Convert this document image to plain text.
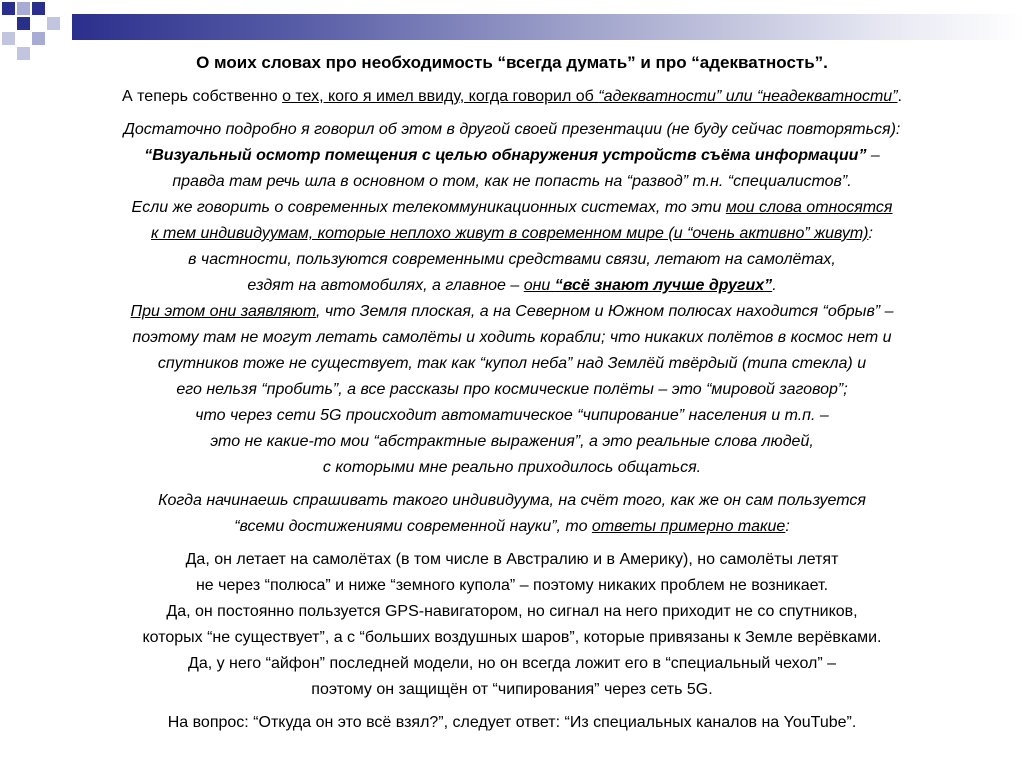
О моих словах про необходимость “всегда думать” и про “адекватность”.

А теперь собственно о тех, кого я имел ввиду, когда говорил об “адекватности” или “неадекватности”.

Достаточно подробно я говорил об этом в другой своей презентации (не буду сейчас повторяться):

“Визуальный осмотр помещения с целью обнаружения устройств съёма информации” –

правда там речь шла в основном о том, как не попасть на “развод” т.н. “специалистов”.

Если же говорить о современных телекоммуникационных системах, то эти мои слова относятся

к тем индивидуумам, которые неплохо живут в современном мире (и “очень активно” живут):

в частности, пользуются современными средствами связи, летают на самолётах,

ездят на автомобилях, а главное – они “всё знают лучше других”.

При этом они заявляют, что Земля плоская, а на Северном и Южном полюсах находится “обрыв” –

поэтому там не могут летать самолёты и ходить корабли; что никаких полётов в космос нет и

спутников тоже не существует, так как “купол неба” над Землёй твёрдый (типа стекла) и

его нельзя “пробить”, а все рассказы про космические полёты – это “мировой заговор”;

что через сети 5G происходит автоматическое “чипирование” населения и т.п. –

это не какие-то мои “абстрактные выражения”, а это реальные слова людей,

с которыми мне реально приходилось общаться.

Когда начинаешь спрашивать такого индивидуума, на счёт того, как же он сам пользуется

“всеми достижениями современной науки”, то ответы примерно такие:

Да, он летает на самолётах (в том числе в Австралию и в Америку), но самолёты летят

не через “полюса” и ниже “земного купола” – поэтому никаких проблем не возникает.

Да, он постоянно пользуется GPS-навигатором, но сигнал на него приходит не со спутников,

которых “не существует”, а с “больших воздушных шаров”, которые привязаны к Земле верёвками.

Да, у него “айфон” последней модели, но он всегда ложит его в “специальный чехол” –

поэтому он защищён от “чипирования” через сеть 5G.

На вопрос: “Откуда он это всё взял?”, следует ответ: “Из специальных каналов на YouTube”.
